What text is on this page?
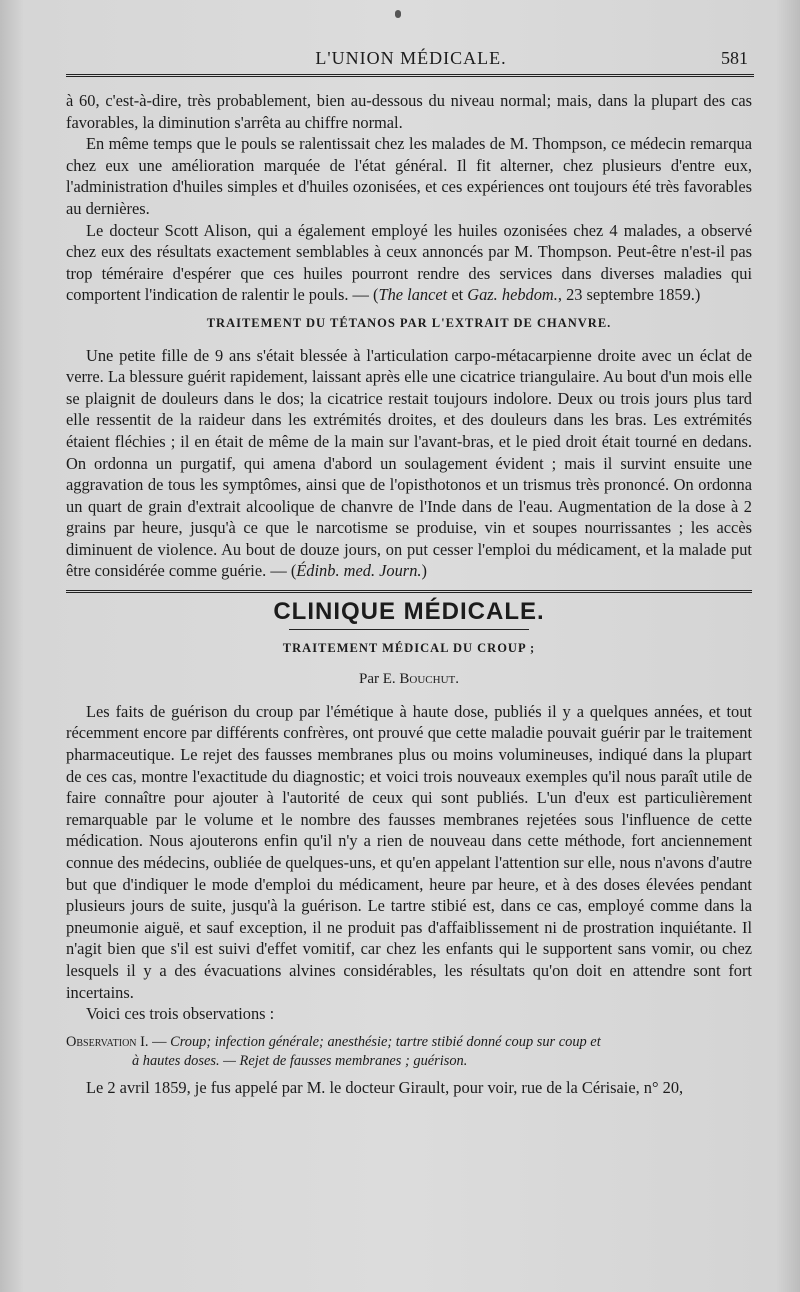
L'UNION MÉDICALE.	581

à 60, c'est-à-dire, très probablement, bien au-dessous du niveau normal; mais, dans la plupart des cas favorables, la diminution s'arrêta au chiffre normal.

En même temps que le pouls se ralentissait chez les malades de M. Thompson, ce médecin remarqua chez eux une amélioration marquée de l'état général. Il fit alterner, chez plusieurs d'entre eux, l'administration d'huiles simples et d'huiles ozonisées, et ces expériences ont toujours été très favorables au dernières.

Le docteur Scott Alison, qui a également employé les huiles ozonisées chez 4 malades, a observé chez eux des résultats exactement semblables à ceux annoncés par M. Thompson. Peut-être n'est-il pas trop téméraire d'espérer que ces huiles pourront rendre des services dans diverses maladies qui comportent l'indication de ralentir le pouls. — (The lancet et Gaz. hebdom., 23 septembre 1859.)

TRAITEMENT DU TÉTANOS PAR L'EXTRAIT DE CHANVRE.

Une petite fille de 9 ans s'était blessée à l'articulation carpo-métacarpienne droite avec un éclat de verre. La blessure guérit rapidement, laissant après elle une cicatrice triangulaire. Au bout d'un mois elle se plaignit de douleurs dans le dos; la cicatrice restait toujours indolore. Deux ou trois jours plus tard elle ressentit de la raideur dans les extrémités droites, et des douleurs dans les bras. Les extrémités étaient fléchies ; il en était de même de la main sur l'avant-bras, et le pied droit était tourné en dedans. On ordonna un purgatif, qui amena d'abord un soulagement évident ; mais il survint ensuite une aggravation de tous les symptômes, ainsi que de l'opisthotonos et un trismus très prononcé. On ordonna un quart de grain d'extrait alcoolique de chanvre de l'Inde dans de l'eau. Augmentation de la dose à 2 grains par heure, jusqu'à ce que le narcotisme se produise, vin et soupes nourrissantes ; les accès diminuent de violence. Au bout de douze jours, on put cesser l'emploi du médicament, et la malade put être considérée comme guérie. — (Édinb. med. Journ.)

CLINIQUE MÉDICALE.
TRAITEMENT MÉDICAL DU CROUP ;
Par E. Bouchut.

Les faits de guérison du croup par l'émétique à haute dose, publiés il y a quelques années, et tout récemment encore par différents confrères, ont prouvé que cette maladie pouvait guérir par le traitement pharmaceutique. Le rejet des fausses membranes plus ou moins volumineuses, indiqué dans la plupart de ces cas, montre l'exactitude du diagnostic; et voici trois nouveaux exemples qu'il nous paraît utile de faire connaître pour ajouter à l'autorité de ceux qui sont publiés. L'un d'eux est particulièrement remarquable par le volume et le nombre des fausses membranes rejetées sous l'influence de cette médication. Nous ajouterons enfin qu'il n'y a rien de nouveau dans cette méthode, fort anciennement connue des médecins, oubliée de quelques-uns, et qu'en appelant l'attention sur elle, nous n'avons d'autre but que d'indiquer le mode d'emploi du médicament, heure par heure, et à des doses élevées pendant plusieurs jours de suite, jusqu'à la guérison. Le tartre stibié est, dans ce cas, employé comme dans la pneumonie aiguë, et sauf exception, il ne produit pas d'affaiblissement ni de prostration inquiétante. Il n'agit bien que s'il est suivi d'effet vomitif, car chez les enfants qui le supportent sans vomir, ou chez lesquels il y a des évacuations alvines considérables, les résultats qu'on doit en attendre sont fort incertains.

Voici ces trois observations :

Observation I. — Croup; infection générale; anesthésie; tartre stibié donné coup sur coup et
à hautes doses. — Rejet de fausses membranes ; guérison.

Le 2 avril 1859, je fus appelé par M. le docteur Girault, pour voir, rue de la Cérisaie, n° 20,
